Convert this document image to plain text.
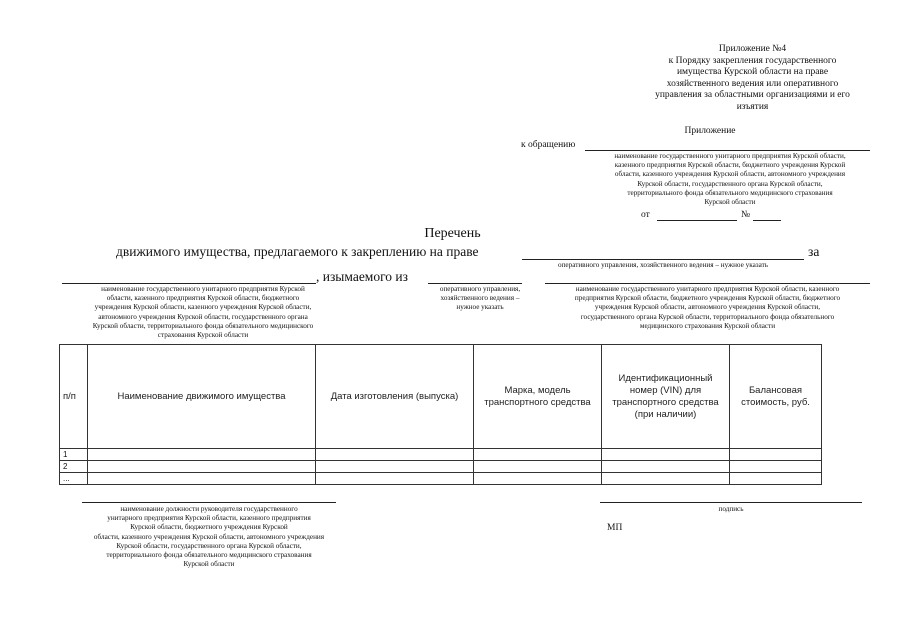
Приложение №4
к Порядку закрепления государственного
имущества Курской области на праве
хозяйственного ведения или оперативного
управления за областными организациями и его
изъятия
Приложение
к обращению
наименование государственного унитарного предприятия Курской области,
казенного предприятия Курской области, бюджетного учреждения Курской
области, казенного учреждения Курской области, автономного учреждения
Курской области, государственного органа Курской области,
территориального фонда обязательного медицинского страхования
Курской области
от	№
Перечень
движимого имущества, предлагаемого к закреплению на праве	за
оперативного управления, хозяйственного ведения – нужное указать
, изымаемого из
наименование государственного унитарного предприятия Курской
области, казенного предприятия Курской области, бюджетного
учреждения Курской области, казенного учреждения Курской области,
автономного учреждения Курской области, государственного органа
Курской области, территориального фонда обязательного медицинского
страхования Курской области
оперативного управления,
хозяйственного ведения –
нужное указать
наименование государственного унитарного предприятия Курской области, казенного
предприятия Курской области, бюджетного учреждения Курской области, бюджетного
учреждения Курской области, автономного учреждения Курской области,
государственного органа Курской области, территориального фонда обязательного
медицинского страхования Курской области
п/п	Наименование движимого имущества	Дата изготовления (выпуска)	Марка, модель транспортного средства	Идентификационный номер (VIN) для транспортного средства (при наличии)	Балансовая стоимость, руб.
1					
2					
...					
наименование должности руководителя государственного
унитарного предприятия Курской области, казенного предприятия
Курской области, бюджетного учреждения Курской
области, казенного учреждения Курской области, автономного учреждения
Курской области, государственного органа Курской области,
территориального фонда обязательного медицинского страхования
Курской области
подпись
МП
